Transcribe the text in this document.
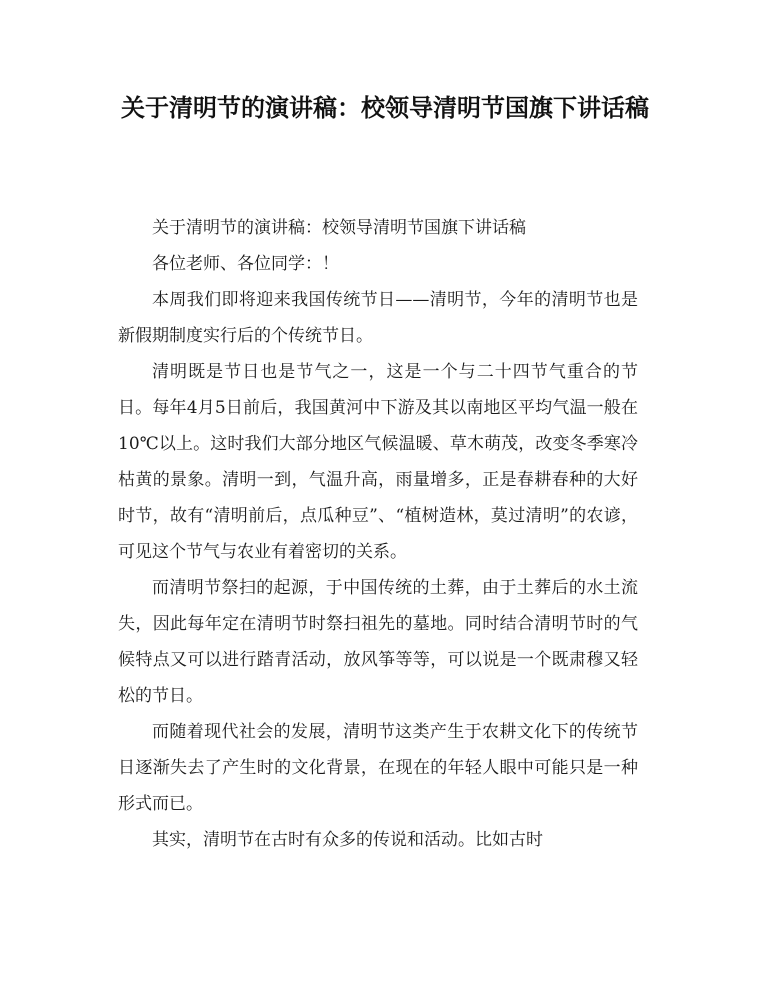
关于清明节的演讲稿：校领导清明节国旗下讲话稿

关于清明节的演讲稿：校领导清明节国旗下讲话稿

各位老师、各位同学：！

本周我们即将迎来我国传统节日——清明节，今年的清明节也是新假期制度实行后的个传统节日。

清明既是节日也是节气之一，这是一个与二十四节气重合的节日。每年4月5日前后，我国黄河中下游及其以南地区平均气温一般在10℃以上。这时我们大部分地区气候温暖、草木萌茂，改变冬季寒冷枯黄的景象。清明一到，气温升高，雨量增多，正是春耕春种的大好时节，故有“清明前后，点瓜种豆”、“植树造林，莫过清明”的农谚，可见这个节气与农业有着密切的关系。

而清明节祭扫的起源，于中国传统的土葬，由于土葬后的水土流失，因此每年定在清明节时祭扫祖先的墓地。同时结合清明节时的气候特点又可以进行踏青活动，放风筝等等，可以说是一个既肃穆又轻松的节日。

而随着现代社会的发展，清明节这类产生于农耕文化下的传统节日逐渐失去了产生时的文化背景，在现在的年轻人眼中可能只是一种形式而已。

其实，清明节在古时有众多的传说和活动。比如古时
